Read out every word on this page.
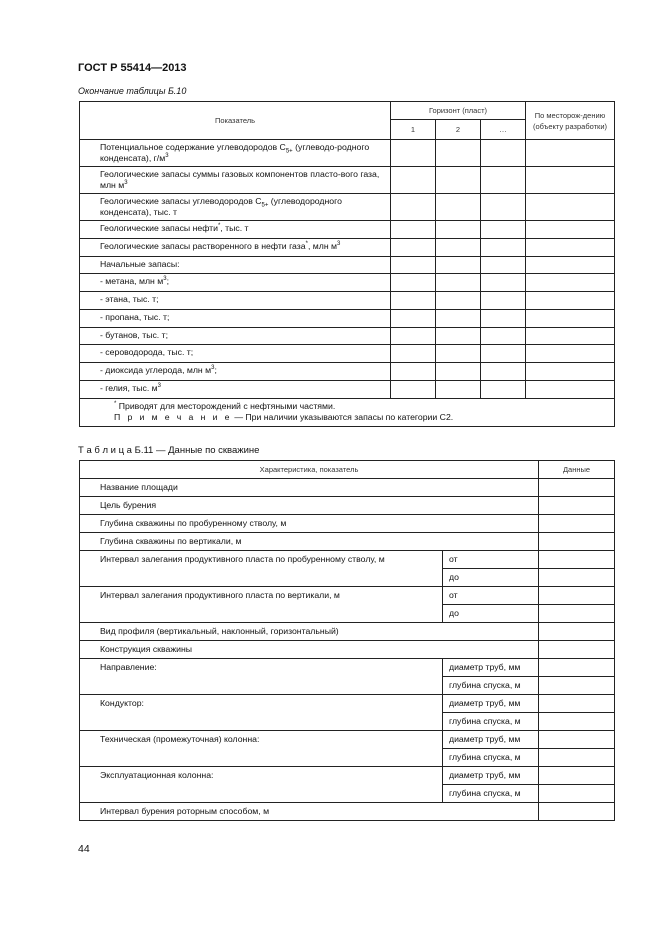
ГОСТ Р 55414—2013
Окончание таблицы Б.10
Показатель	Горизонт (пласт)			По месторож-дению (объекту разработки)
	1	2	…	
Потенциальное содержание углеводородов $С_{5+}$ (углеводо-родного конденсата), $г/м^3$				
Геологические запасы суммы газовых компонентов пласто-вого газа, млн $м^3$				
Геологические запасы углеводородов $С_{5+}$ (углеводородного конденсата), тыс. т				
Геологические запасы нефти*, тыс. т				
Геологические запасы растворенного в нефти газа*, млн $м^3$				
Начальные запасы:				
- метана, млн $м^3$;				
- этана, тыс. т;				
- пропана, тыс. т;				
- бутанов, тыс. т;				
- сероводорода, тыс. т;				
- диоксида углерода, млн $м^3$;				
- гелия, тыс. $м^3$				

* Приводят для месторождений с нефтяными частями.
П р и м е ч а н и е — При наличии указываются запасы по категории С2.				
Т а б л и ц а Б.11 — Данные по скважине
Характеристика, показатель		Данные
Название площади		
Цель бурения		
Глубина скважины по пробуренному стволу, м		
Глубина скважины по вертикали, м		
Интервал залегания продуктивного пласта по пробуренному стволу, м	от	
	до	
Интервал залегания продуктивного пласта по вертикали, м	от	
	до	
Вид профиля (вертикальный, наклонный, горизонтальный)		
Конструкция скважины		
Направление:	диаметр труб, мм	
	глубина спуска, м	
Кондуктор:	диаметр труб, мм	
	глубина спуска, м	
Техническая (промежуточная) колонна:	диаметр труб, мм	
	глубина спуска, м	
Эксплуатационная колонна:	диаметр труб, мм	
	глубина спуска, м	
Интервал бурения роторным способом, м		
44
